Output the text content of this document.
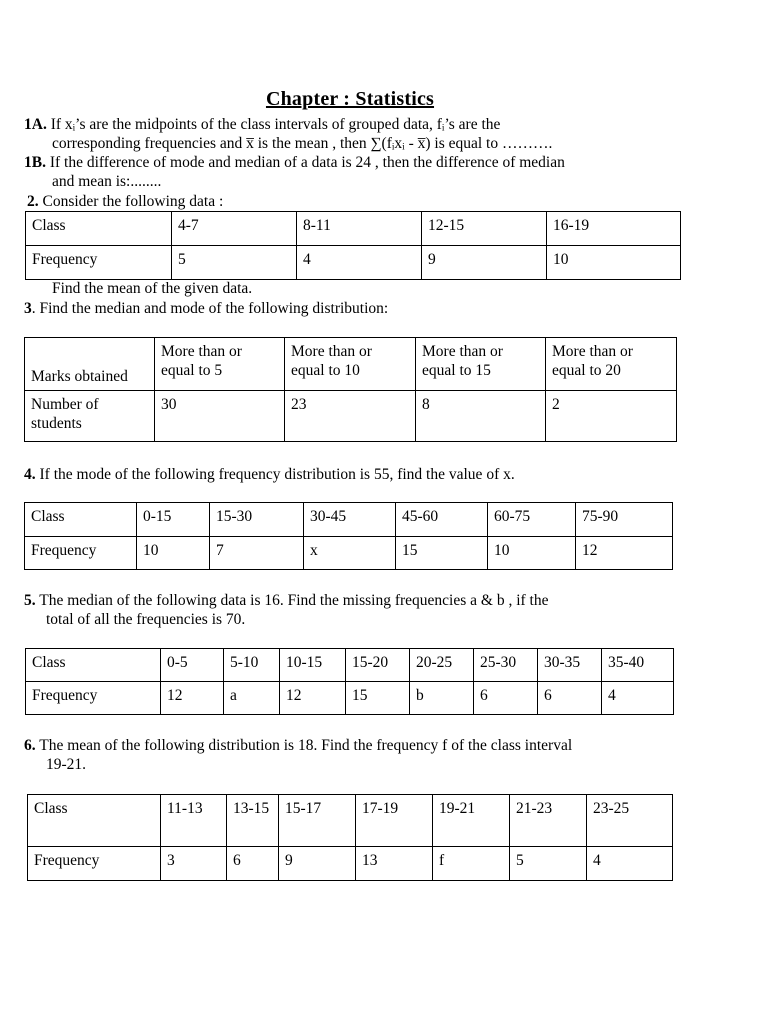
Chapter : Statistics
1A. If xᵢ’s are the midpoints of the class intervals of grouped data, fᵢ’s are the
corresponding frequencies and x̅ is the mean , then ∑(fᵢxᵢ - x̅) is equal to ……….
1B. If the difference of mode and median of a data is 24 , then the difference of median
and mean is:........
2. Consider the following data :
Class	4-7	8-11	12-15	16-19
Frequency	5	4	9	10
Find the mean of the given data.
3. Find the median and mode of the following distribution:
Marks obtained	More than or equal to 5	More than or equal to 10	More than or equal to 15	More than or equal to 20
Number of students	30	23	8	2
4. If the mode of the following frequency distribution is 55, find the value of x.
Class	0-15	15-30	30-45	45-60	60-75	75-90
Frequency	10	7	x	15	10	12
5. The median of the following data is 16. Find the missing frequencies a & b , if the
total of all the frequencies is 70.
Class	0-5	5-10	10-15	15-20	20-25	25-30	30-35	35-40
Frequency	12	a	12	15	b	6	6	4
6. The mean of the following distribution is 18. Find the frequency f of the class interval
19-21.
Class	11-13	13-15	15-17	17-19	19-21	21-23	23-25
Frequency	3	6	9	13	f	5	4
